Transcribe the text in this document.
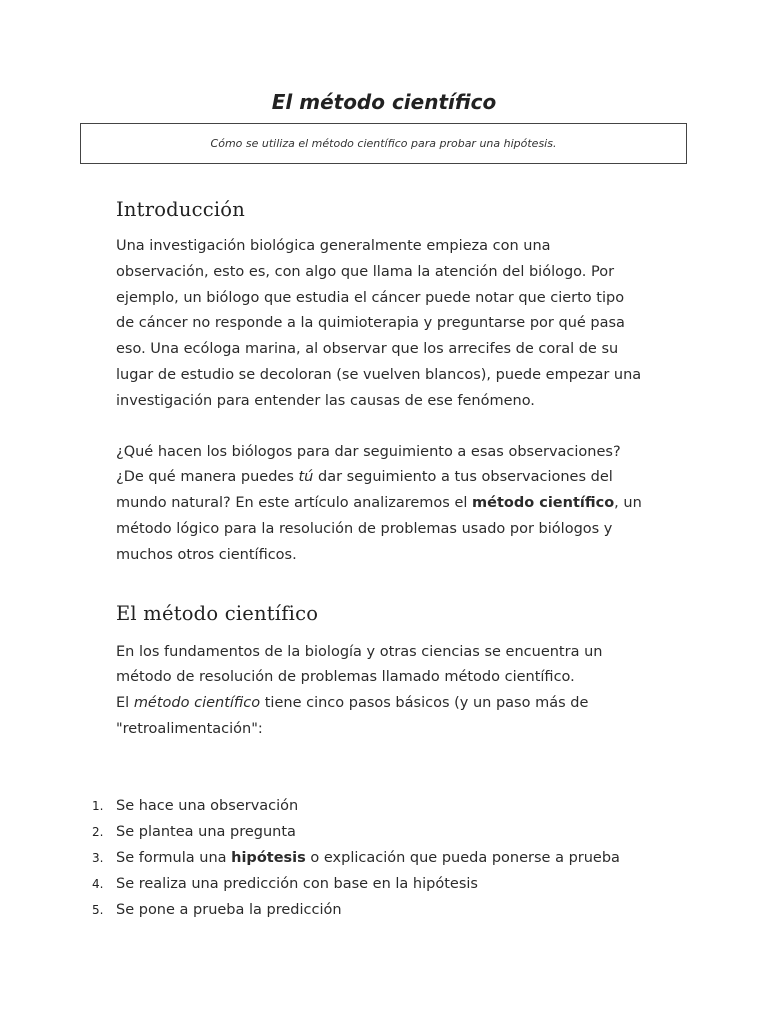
El método científico
Cómo se utiliza el método científico para probar una hipótesis.
Introducción

Una investigación biológica generalmente empieza con una observación, esto es, con algo que llama la atención del biólogo. Por ejemplo, un biólogo que estudia el cáncer puede notar que cierto tipo de cáncer no responde a la quimioterapia y preguntarse por qué pasa eso. Una ecóloga marina, al observar que los arrecifes de coral de su lugar de estudio se decoloran (se vuelven blancos), puede empezar una investigación para entender las causas de ese fenómeno.

¿Qué hacen los biólogos para dar seguimiento a esas observaciones? ¿De qué manera puedes tú dar seguimiento a tus observaciones del mundo natural? En este artículo analizaremos el método científico, un método lógico para la resolución de problemas usado por biólogos y muchos otros científicos.

El método científico

En los fundamentos de la biología y otras ciencias se encuentra un método de resolución de problemas llamado método científico.
El método científico tiene cinco pasos básicos (y un paso más de "retroalimentación":

1. Se hace una observación
2. Se plantea una pregunta
3. Se formula una hipótesis o explicación que pueda ponerse a prueba
4. Se realiza una predicción con base en la hipótesis
5. Se pone a prueba la predicción
